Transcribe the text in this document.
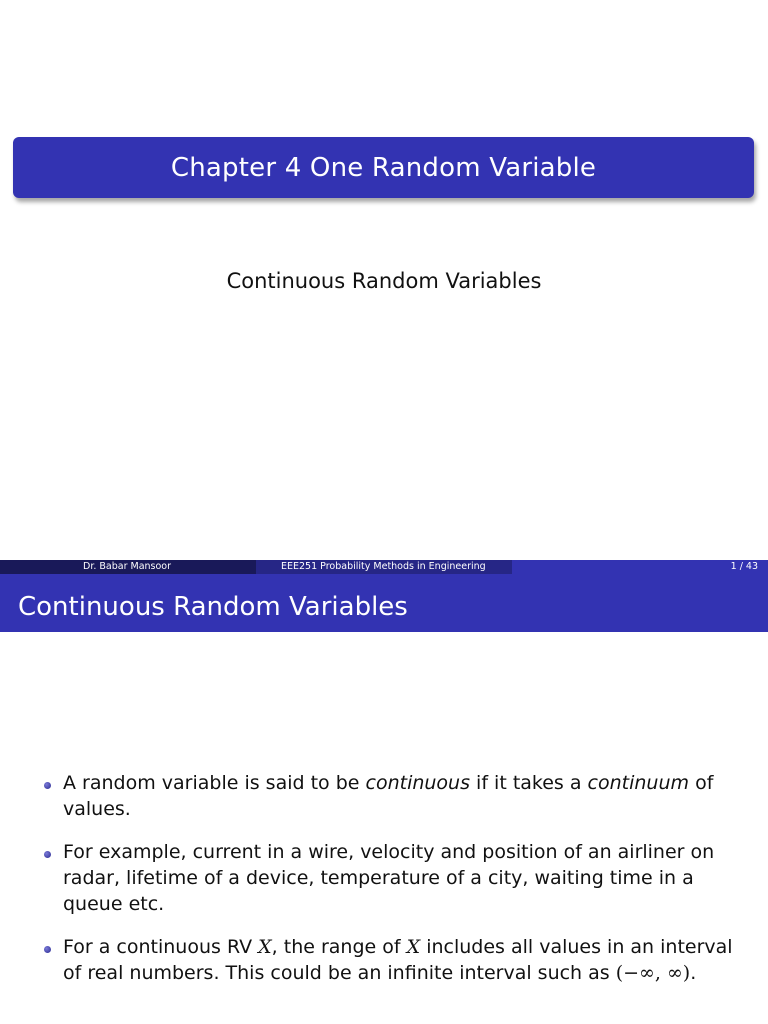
Chapter 4 One Random Variable
Continuous Random Variables
Dr. Babar Mansoor	EEE251 Probability Methods in Engineering	1 / 43
Continuous Random Variables
A random variable is said to be continuous if it takes a continuum of values.
For example, current in a wire, velocity and position of an airliner on radar, lifetime of a device, temperature of a city, waiting time in a queue etc.
For a continuous RV X, the range of X includes all values in an interval of real numbers. This could be an infinite interval such as (−∞, ∞).
